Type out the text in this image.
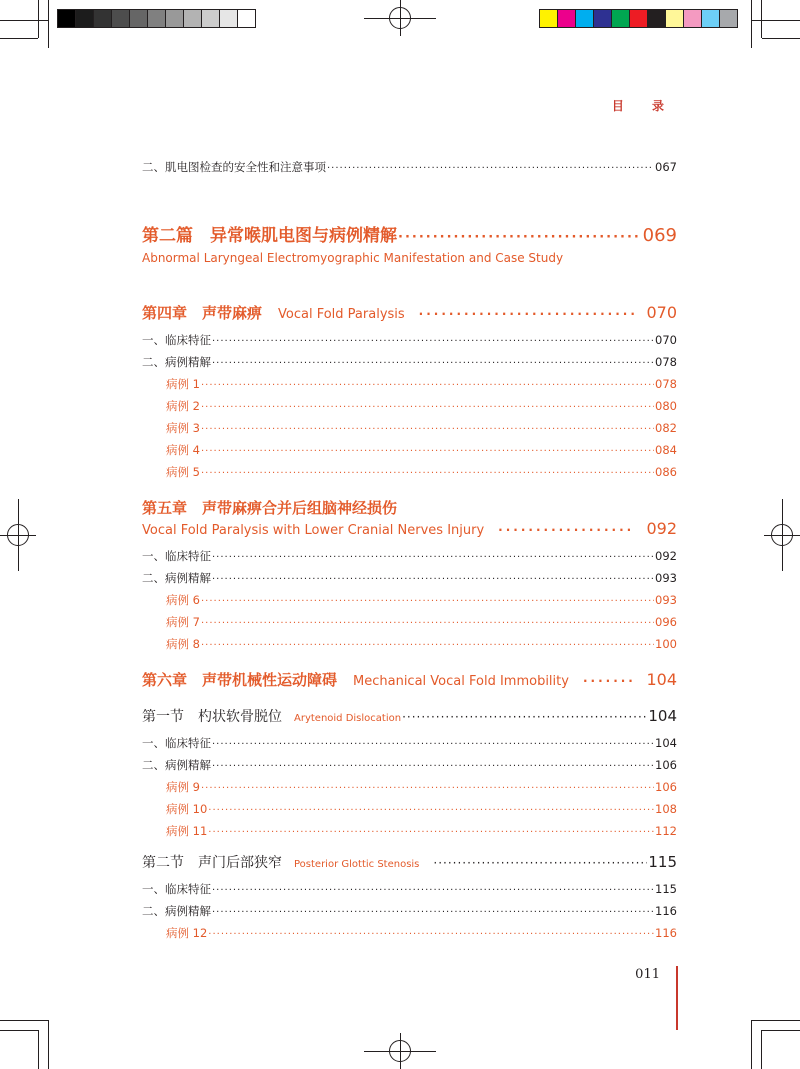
目 录
二、肌电图检查的安全性和注意事项 ·····	067
第二篇　异常喉肌电图与病例精解 ·····	069
Abnormal Laryngeal Electromyographic Manifestation and Case Study
第四章　声带麻痹 Vocal Fold Paralysis ·····	070
一、临床特征 ·····	070
二、病例精解 ·····	078
病例 1 ·····	078
病例 2 ·····	080
病例 3 ·····	082
病例 4 ·····	084
病例 5 ·····	086
第五章　声带麻痹合并后组脑神经损伤
Vocal Fold Paralysis with Lower Cranial Nerves Injury ·····	092
一、临床特征 ·····	092
二、病例精解 ·····	093
病例 6 ·····	093
病例 7 ·····	096
病例 8 ·····	100
第六章　声带机械性运动障碍 Mechanical Vocal Fold Immobility ·····	104
第一节　杓状软骨脱位 Arytenoid Dislocation ·····	104
一、临床特征 ·····	104
二、病例精解 ·····	106
病例 9 ·····	106
病例 10 ·····	108
病例 11 ·····	112
第二节　声门后部狭窄 Posterior Glottic Stenosis ·····	115
一、临床特征 ·····	115
二、病例精解 ·····	116
病例 12 ·····	116
011
